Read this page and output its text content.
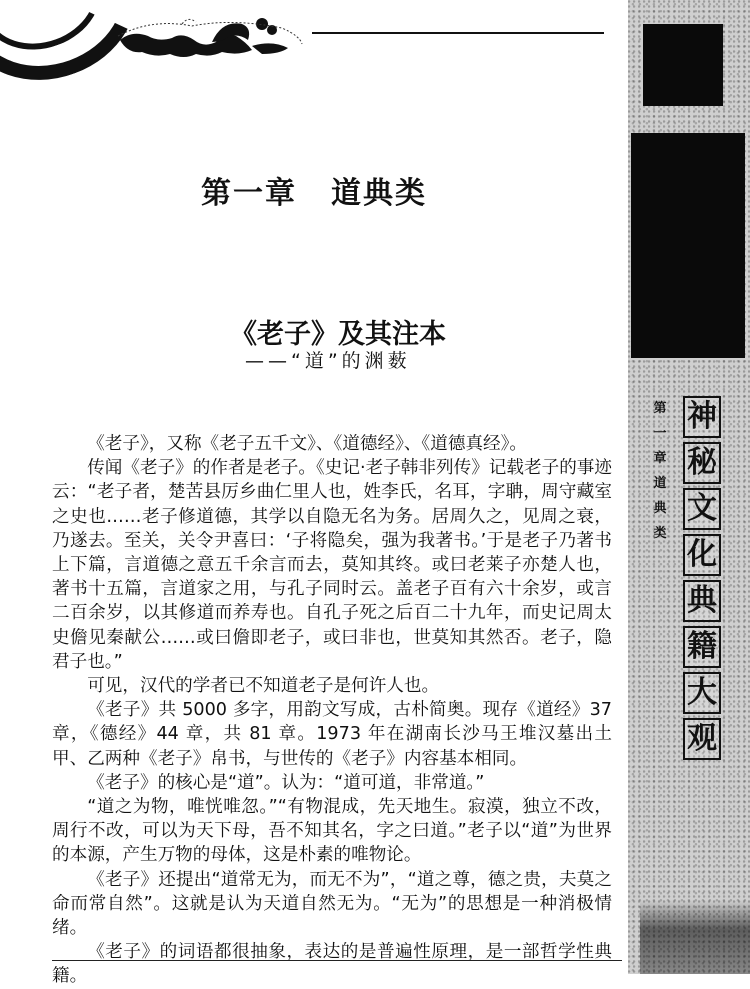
第一章 道典类
《老子》及其注本
——“道”的渊薮

《老子》，又称《老子五千文》、《道德经》、《道德真经》。

传闻《老子》的作者是老子。《史记·老子韩非列传》记载老子的事迹云：“老子者，楚苦县厉乡曲仁里人也，姓李氏，名耳，字聃，周守藏室之史也……老子修道德，其学以自隐无名为务。居周久之，见周之衰，乃遂去。至关，关令尹喜曰：‘子将隐矣，强为我著书。’于是老子乃著书上下篇，言道德之意五千余言而去，莫知其终。或曰老莱子亦楚人也，著书十五篇，言道家之用，与孔子同时云。盖老子百有六十余岁，或言二百余岁，以其修道而养寿也。自孔子死之后百二十九年，而史记周太史儋见秦献公……或曰儋即老子，或曰非也，世莫知其然否。老子，隐君子也。”

可见，汉代的学者已不知道老子是何许人也。

《老子》共 5000 多字，用韵文写成，古朴简奥。现存《道经》37 章，《德经》44 章，共 81 章。1973 年在湖南长沙马王堆汉墓出土甲、乙两种《老子》帛书，与世传的《老子》内容基本相同。

《老子》的核心是“道”。认为：“道可道，非常道。”

“道之为物，唯恍唯忽。”“有物混成，先天地生。寂漠，独立不改，周行不改，可以为天下母，吾不知其名，字之曰道。”老子以“道”为世界的本源，产生万物的母体，这是朴素的唯物论。

《老子》还提出“道常无为，而无不为”，“道之尊，德之贵，夫莫之命而常自然”。这就是认为天道自然无为。“无为”的思想是一种消极情绪。

《老子》的词语都很抽象，表达的是普遍性原理，是一部哲学性典籍。

第
一
章
道
典
类
神
秘
文
化
典
籍
大
观
